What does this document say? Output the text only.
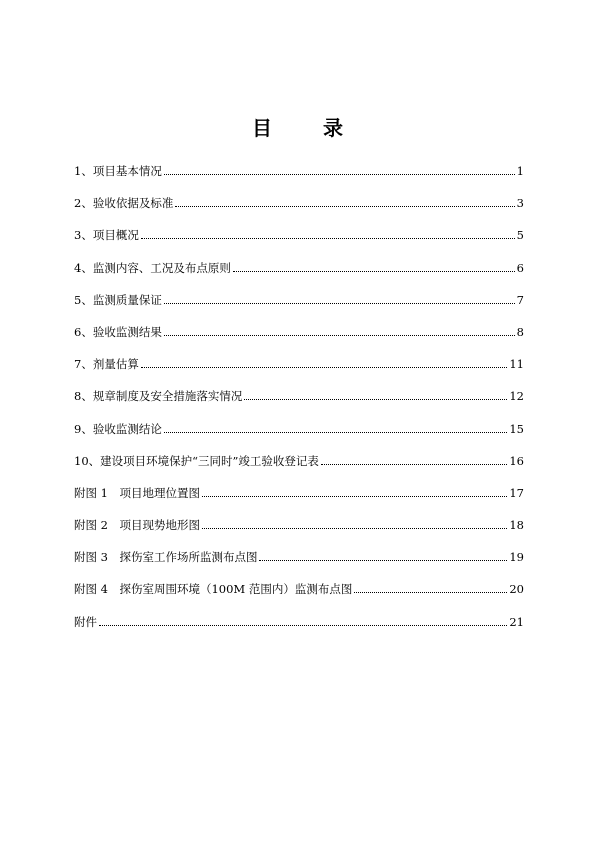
目 录
1、项目基本情况	1
2、验收依据及标准	3
3、项目概况	5
4、监测内容、工况及布点原则	6
5、监测质量保证	7
6、验收监测结果	8
7、剂量估算	11
8、规章制度及安全措施落实情况	12
9、验收监测结论	15
10、建设项目环境保护“三同时”竣工验收登记表	16
附图 1　项目地理位置图	17
附图 2　项目现势地形图	18
附图 3　探伤室工作场所监测布点图	19
附图 4　探伤室周围环境（100M 范围内）监测布点图	20
附件	21
